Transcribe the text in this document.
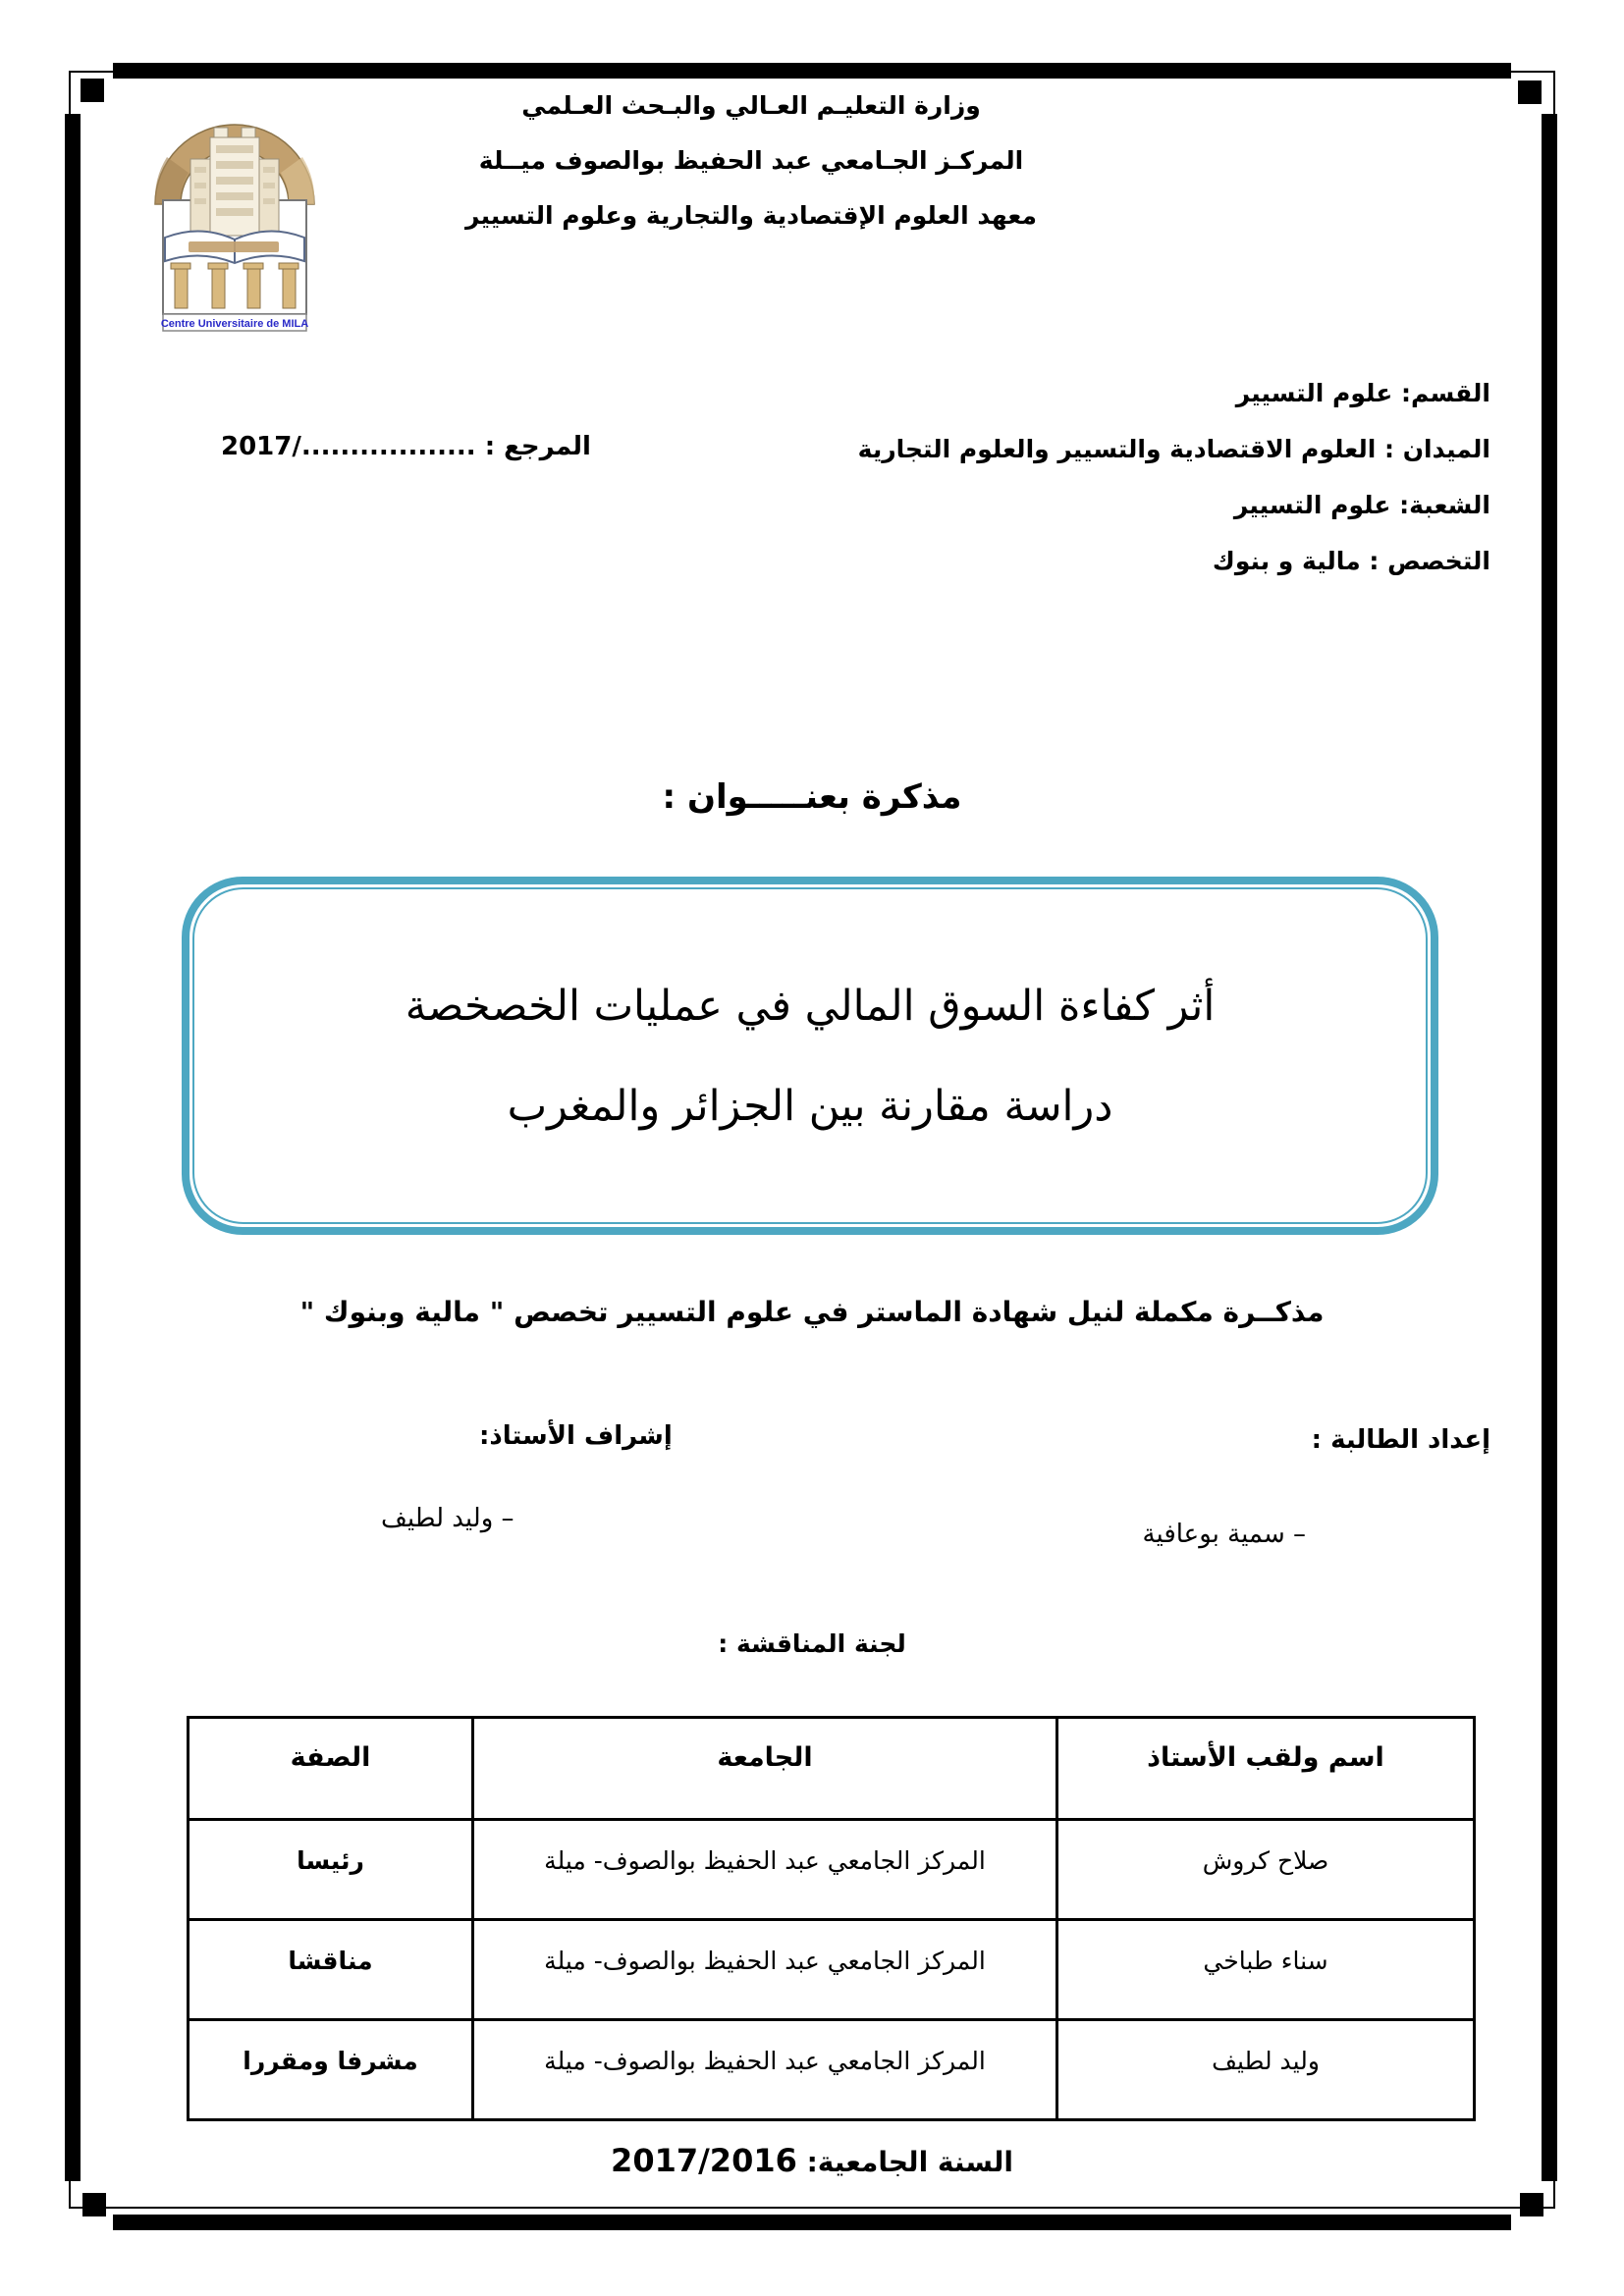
Centre Universitaire de MILA
وزارة التعليـم العـالي والبـحث العـلمي
المركـز الجـامعي عبد الحفيظ بوالصوف ميــلة
معهد العلوم الإقتصادية والتجارية وعلوم التسيير
القسم: علوم التسيير
الميدان : العلوم الاقتصادية والتسيير والعلوم التجارية
الشعبة: علوم التسيير
التخصص : مالية و بنوك
المرجع : ................../2017
مذكرة بعنـــــوان :
أثر كفاءة السوق المالي في عمليات الخصخصة
دراسة مقارنة بين الجزائر والمغرب
مذكــرة مكملة لنيل شهادة الماستر في علوم التسيير تخصص " مالية وبنوك "
إعداد الطالبة :
– سمية بوعافية
إشراف الأستاذ:
– وليد لطيف
لجنة المناقشة :
اسم ولقب الأستاذ	الجامعة	الصفة
صلاح كروش	المركز الجامعي عبد الحفيظ بوالصوف- ميلة	رئيسا
سناء طباخي	المركز الجامعي عبد الحفيظ بوالصوف- ميلة	مناقشا
وليد لطيف	المركز الجامعي عبد الحفيظ بوالصوف- ميلة	مشرفا ومقررا
السنة الجامعية: 2017/2016
